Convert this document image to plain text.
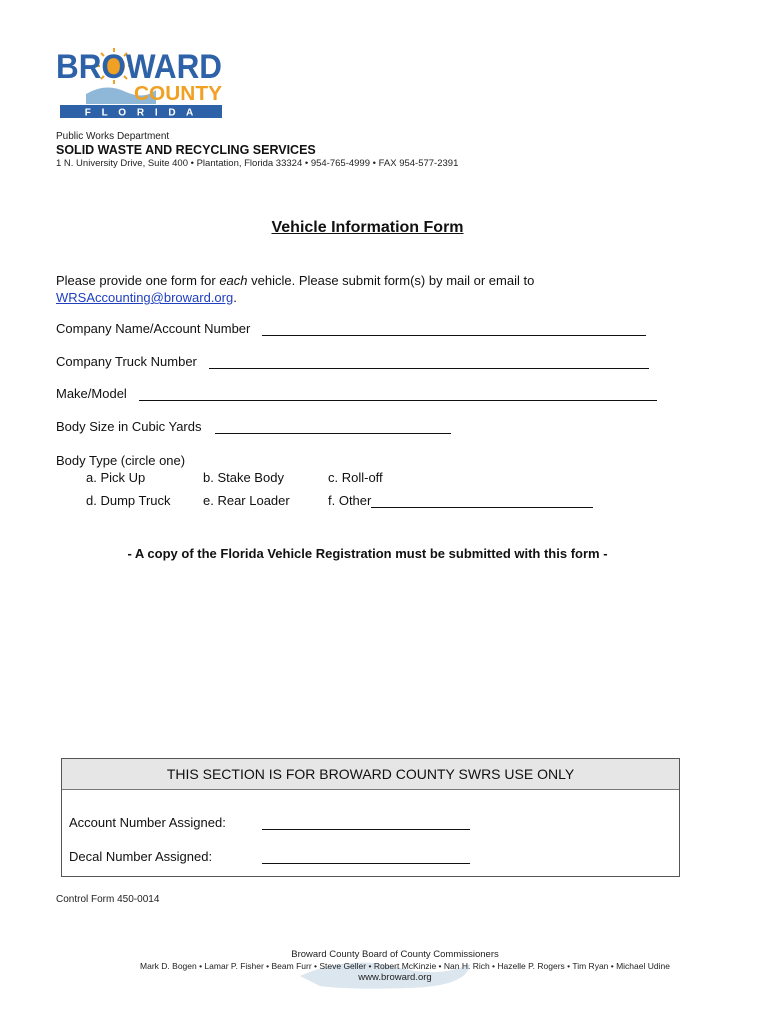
BROWARD
COUNTY
F L O R I D A
Public Works Department
SOLID WASTE AND RECYCLING SERVICES
1 N. University Drive, Suite 400 • Plantation, Florida 33324 • 954-765-4999 • FAX 954-577-2391
Vehicle Information Form
Please provide one form for each vehicle. Please submit form(s) by mail or email to
WRSAccounting@broward.org.
Company Name/Account Number
Company Truck Number
Make/Model
Body Size in Cubic Yards
Body Type (circle one)
a. Pick Up	b. Stake Body	c. Roll-off
d. Dump Truck e. Rear Loader	f. Other
- A copy of the Florida Vehicle Registration must be submitted with this form -
THIS SECTION IS FOR BROWARD COUNTY SWRS USE ONLY
Account Number Assigned:
Decal Number Assigned:
Control Form 450-0014
Broward County Board of County Commissioners
Mark D. Bogen • Lamar P. Fisher • Beam Furr • Steve Geller • Robert McKinzie • Nan H. Rich • Hazelle P. Rogers • Tim Ryan • Michael Udine
www.broward.org
